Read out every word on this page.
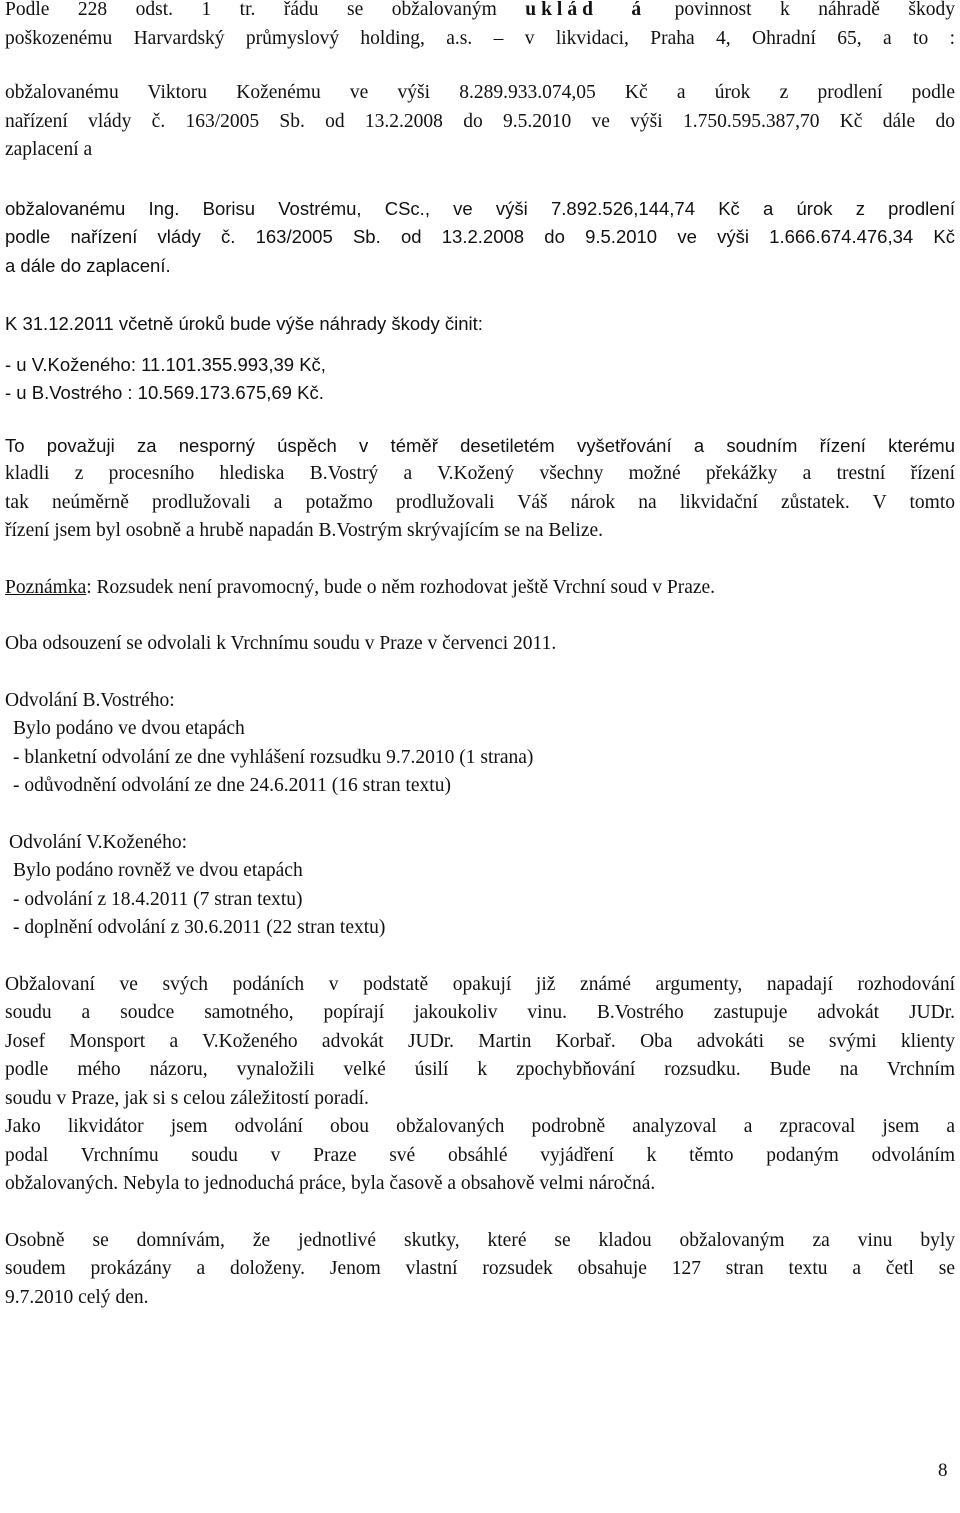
Podle 228 odst. 1 tr. řádu se obžalovaným uklád á povinnost k náhradě škody

poškozenému Harvardský průmyslový holding, a.s. – v likvidaci, Praha 4, Ohradní 65, a to :

obžalovanému Viktoru Koženému ve výši 8.289.933.074,05 Kč a úrok z prodlení podle

nařízení vlády č. 163/2005 Sb. od 13.2.2008 do 9.5.2010 ve výši 1.750.595.387,70 Kč dále do

zaplacení a

obžalovanému Ing. Borisu Vostrému, CSc., ve výši 7.892.526,144,74 Kč a úrok z prodlení

podle nařízení vlády č. 163/2005 Sb. od 13.2.2008 do 9.5.2010 ve výši 1.666.674.476,34 Kč

a dále do zaplacení.

K 31.12.2011 včetně úroků bude výše náhrady škody činit:

- u V.Koženého: 11.101.355.993,39 Kč,

- u B.Vostrého : 10.569.173.675,69 Kč.

To považuji za nesporný úspěch v téměř desetiletém vyšetřování a soudním řízení kterému

kladli z procesního hlediska B.Vostrý a V.Kožený všechny možné překážky a trestní řízení

tak neúměrně prodlužovali a potažmo prodlužovali Váš nárok na likvidační zůstatek. V tomto

řízení jsem byl osobně a hrubě napadán B.Vostrým skrývajícím se na Belize.

Poznámka: Rozsudek není pravomocný, bude o něm rozhodovat ještě Vrchní soud v Praze.

Oba odsouzení se odvolali k Vrchnímu soudu v Praze v červenci 2011.

Odvolání B.Vostrého:

Bylo podáno ve dvou etapách

- blanketní odvolání ze dne vyhlášení rozsudku 9.7.2010 (1 strana)

- odůvodnění odvolání ze dne 24.6.2011 (16 stran textu)

Odvolání V.Koženého:

Bylo podáno rovněž ve dvou etapách

- odvolání z 18.4.2011 (7 stran textu)

- doplnění odvolání z 30.6.2011 (22 stran textu)

Obžalovaní ve svých podáních v podstatě opakují již známé argumenty, napadají rozhodování

soudu a soudce samotného, popírají jakoukoliv vinu. B.Vostrého zastupuje advokát JUDr.

Josef Monsport a V.Koženého advokát JUDr. Martin Korbař. Oba advokáti se svými klienty

podle mého názoru, vynaložili velké úsilí k zpochybňování rozsudku. Bude na Vrchním

soudu v Praze, jak si s celou záležitostí poradí.

Jako likvidátor jsem odvolání obou obžalovaných podrobně analyzoval a zpracoval jsem a

podal Vrchnímu soudu v Praze své obsáhlé vyjádření k těmto podaným odvoláním

obžalovaných. Nebyla to jednoduchá práce, byla časově a obsahově velmi náročná.

Osobně se domnívám, že jednotlivé skutky, které se kladou obžalovaným za vinu byly

soudem prokázány a doloženy. Jenom vlastní rozsudek obsahuje 127 stran textu a četl se

9.7.2010 celý den.

8
